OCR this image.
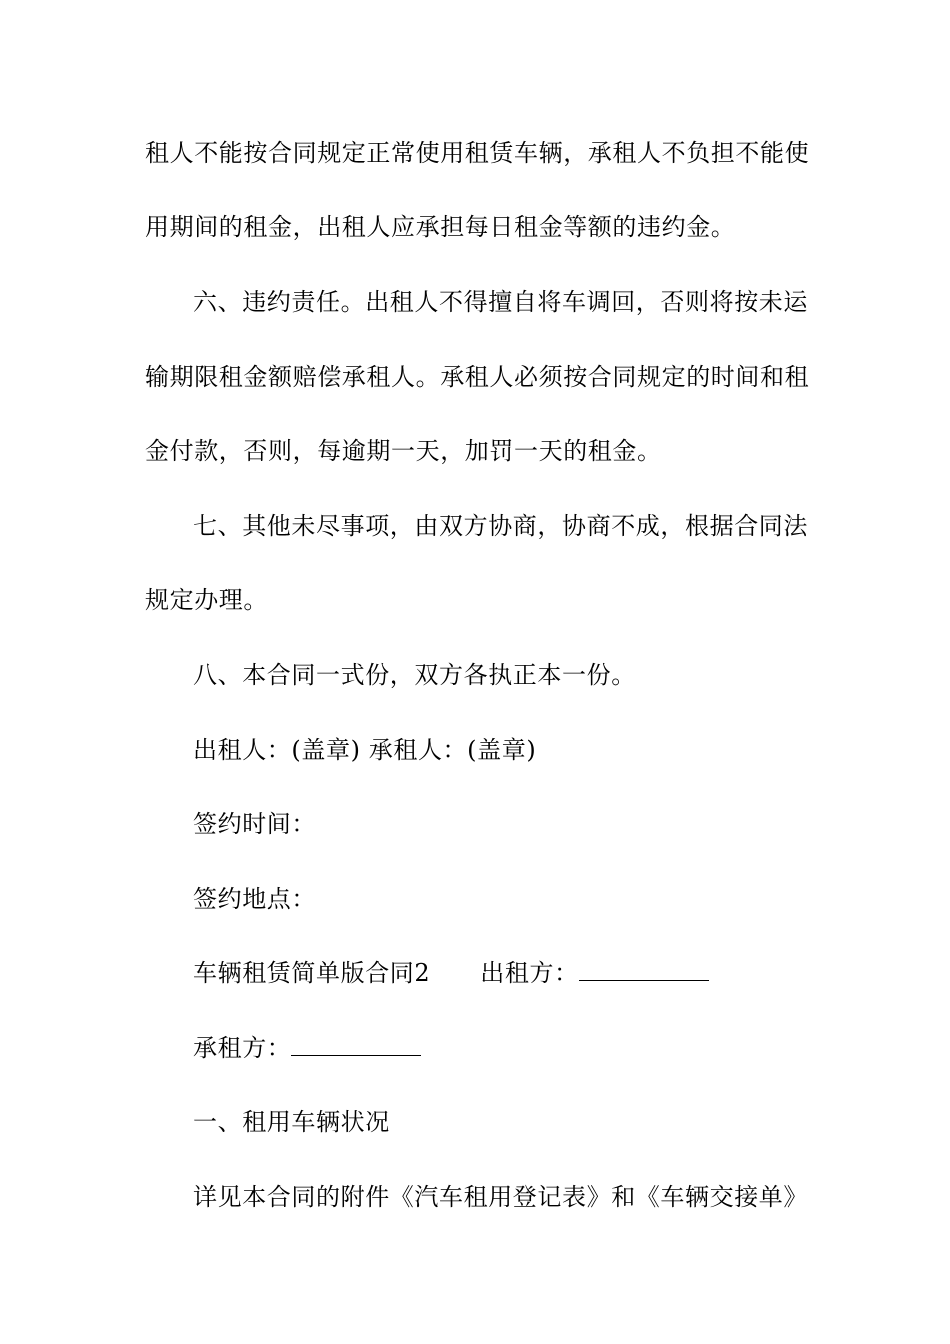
租人不能按合同规定正常使用租赁车辆，承租人不负担不能使
用期间的租金，出租人应承担每日租金等额的违约金。
六、违约责任。出租人不得擅自将车调回，否则将按未运
输期限租金额赔偿承租人。承租人必须按合同规定的时间和租
金付款，否则，每逾期一天，加罚一天的租金。
七、其他未尽事项，由双方协商，协商不成，根据合同法
规定办理。
八、本合同一式份，双方各执正本一份。
出租人：(盖章) 承租人：(盖章)
签约时间：
签约地点：
车辆租赁简单版合同2 出租方：
承租方：
一、租用车辆状况
详见本合同的附件《汽车租用登记表》和《车辆交接单》
